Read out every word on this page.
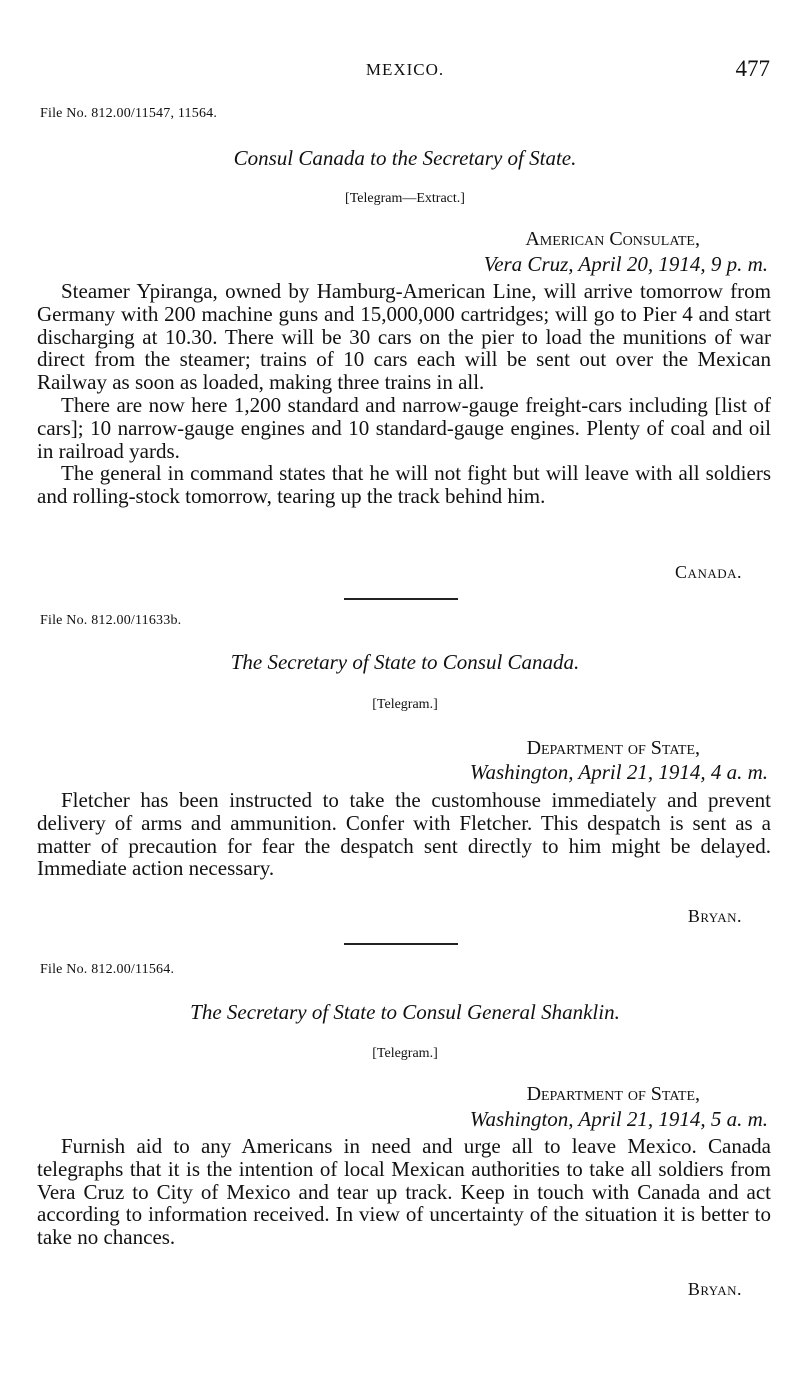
MEXICO.	477
File No. 812.00/11547, 11564.
Consul Canada to the Secretary of State.
[Telegram—Extract.]
American Consulate,
Vera Cruz, April 20, 1914, 9 p. m.

Steamer Ypiranga, owned by Hamburg-American Line, will arrive tomorrow from Germany with 200 machine guns and 15,000,000 cartridges; will go to Pier 4 and start discharging at 10.30. There will be 30 cars on the pier to load the munitions of war direct from the steamer; trains of 10 cars each will be sent out over the Mexican Railway as soon as loaded, making three trains in all.

There are now here 1,200 standard and narrow-gauge freight-cars including [list of cars]; 10 narrow-gauge engines and 10 standard-gauge engines. Plenty of coal and oil in railroad yards.

The general in command states that he will not fight but will leave with all soldiers and rolling-stock tomorrow, tearing up the track behind him.

Canada.
File No. 812.00/11633b.
The Secretary of State to Consul Canada.
[Telegram.]
Department of State,
Washington, April 21, 1914, 4 a. m.

Fletcher has been instructed to take the customhouse immediately and prevent delivery of arms and ammunition. Confer with Fletcher. This despatch is sent as a matter of precaution for fear the despatch sent directly to him might be delayed. Immediate action necessary.

Bryan.
File No. 812.00/11564.
The Secretary of State to Consul General Shanklin.
[Telegram.]
Department of State,
Washington, April 21, 1914, 5 a. m.

Furnish aid to any Americans in need and urge all to leave Mexico. Canada telegraphs that it is the intention of local Mexican authorities to take all soldiers from Vera Cruz to City of Mexico and tear up track. Keep in touch with Canada and act according to information received. In view of uncertainty of the situation it is better to take no chances.

Bryan.
